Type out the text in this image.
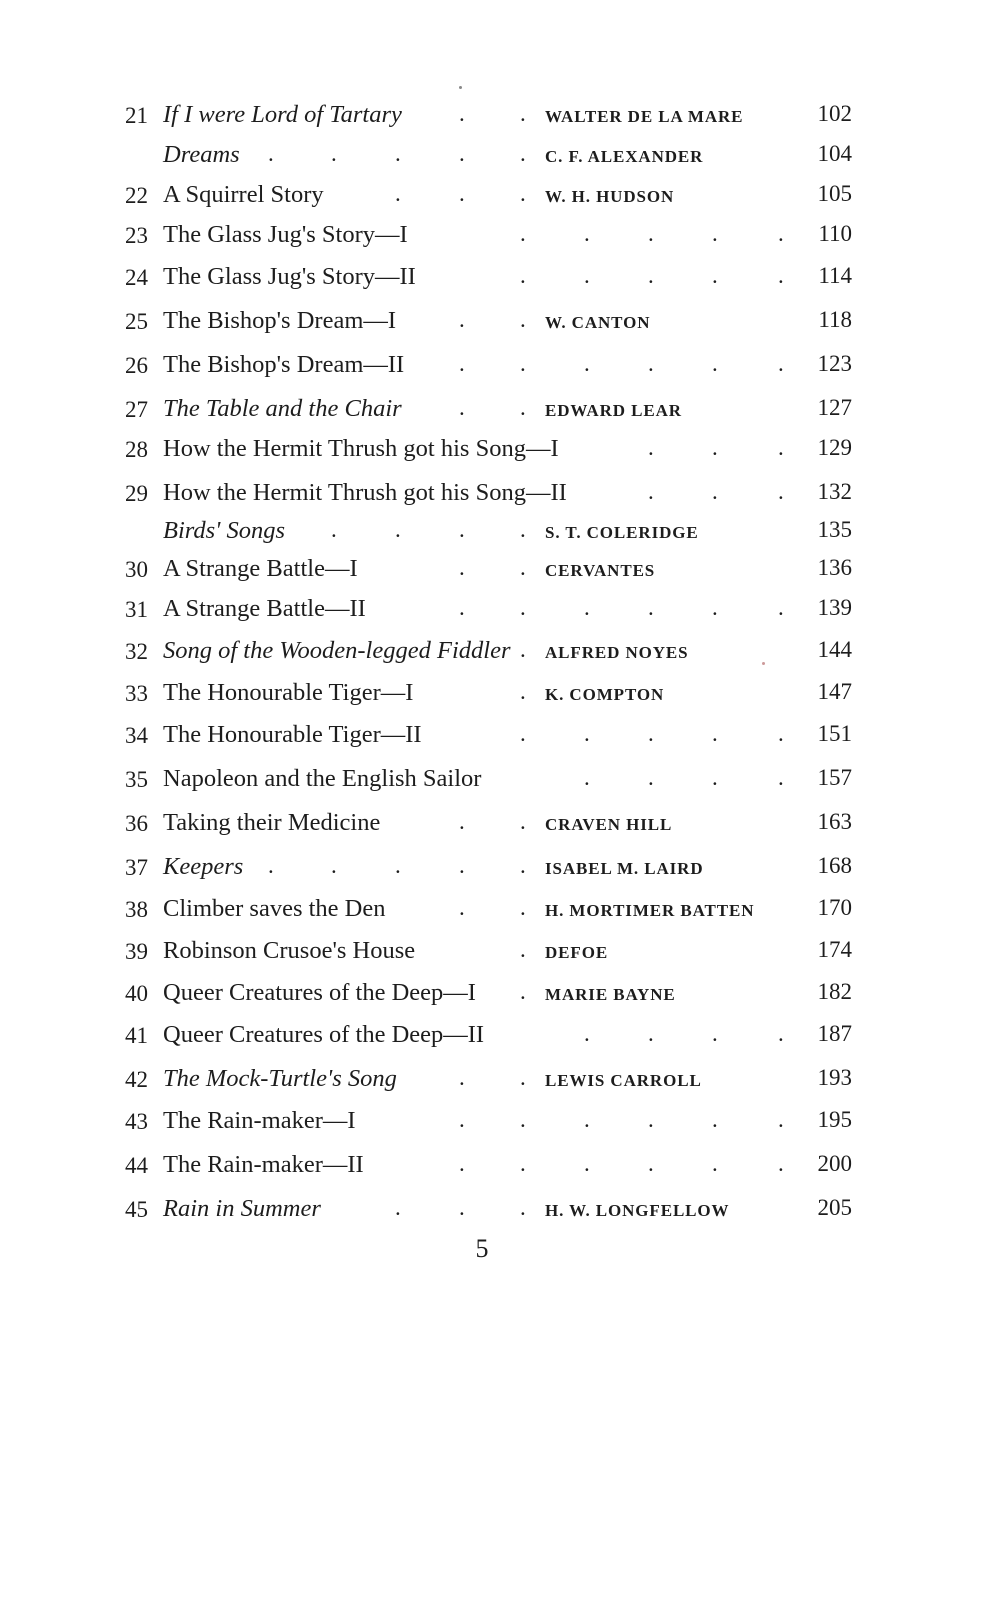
21 If I were Lord of Tartary . . WALTER DE LA MARE	102
Dreams . .	.	. . C. F. ALEXANDER	104
22 A Squirrel Story	.	. . W. H. HUDSON	105
23 The Glass Jug's Story—I	.	.	.	.	.	110
24 The Glass Jug's Story—II	.	.	.	.	.	114
25 The Bishop's Dream—I	. . W. CANTON	118
26 The Bishop's Dream—II . .	.	.	.	.	123
27 The Table and the Chair . . EDWARD LEAR	127
28 How the Hermit Thrush got his Song—I	.	.	.	129
29 How the Hermit Thrush got his Song—II	.	.	.	132
Birds' Songs .	.	. . S. T. COLERIDGE	135
30 A Strange Battle—I	. . CERVANTES	136
31 A Strange Battle—II	. .	.	.	.	.	139
32 Song of the Wooden-legged Fiddler . ALFRED NOYES	144
33 The Honourable Tiger—I	. K. COMPTON	147
34 The Honourable Tiger—II	.	.	.	.	.	151
35 Napoleon and the English Sailor	.	.	.	.	157
36 Taking their Medicine	. . CRAVEN HILL	163
37 Keepers . .	.	. . ISABEL M. LAIRD	168
38 Climber saves the Den	. . H. MORTIMER BATTEN	170
39 Robinson Crusoe's House	. DEFOE	174
40 Queer Creatures of the Deep—I . MARIE BAYNE	182
41 Queer Creatures of the Deep—II	.	.	.	.	187
42 The Mock-Turtle's Song	. . LEWIS CARROLL	193
43 The Rain-maker—I	. .	.	.	.	.	195
44 The Rain-maker—II	. .	.	.	.	.	200
45 Rain in Summer	.	. . H. W. LONGFELLOW	205
5
